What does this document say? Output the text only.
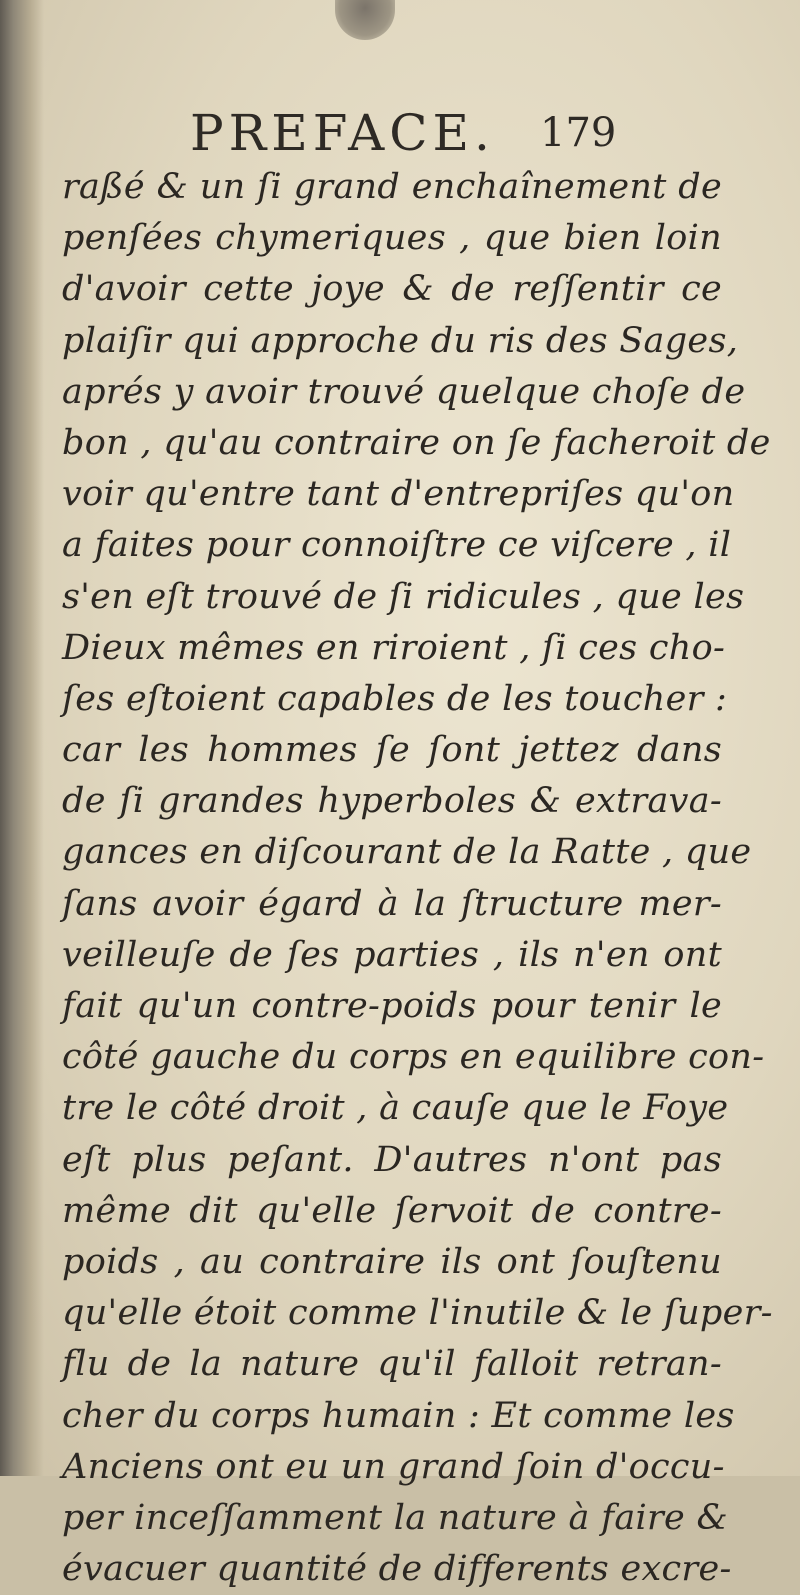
PREFACE. 179
raßé & un ſi grand enchaînement de
penſées chymeriques , que bien loin
d'avoir cette joye & de reſſentir ce
plaiſir qui approche du ris des Sages,
aprés y avoir trouvé quelque choſe de
bon , qu'au contraire on ſe facheroit de
voir qu'entre tant d'entrepriſes qu'on
a faites pour connoiſtre ce viſcere , il
s'en eſt trouvé de ſi ridicules , que les
Dieux mêmes en riroient , ſi ces cho-
ſes eſtoient capables de les toucher :
car les hommes ſe ſont jettez dans
de ſi grandes hyperboles & extrava-
gances en diſcourant de la Ratte , que
ſans avoir égard à la ſtructure mer-
veilleuſe de ſes parties , ils n'en ont
fait qu'un contre-poids pour tenir le
côté gauche du corps en equilibre con-
tre le côté droit , à cauſe que le Foye
eſt plus peſant. D'autres n'ont pas
même dit qu'elle ſervoit de contre-
poids , au contraire ils ont ſouſtenu
qu'elle étoit comme l'inutile & le ſuper-
flu de la nature qu'il falloit retran-
cher du corps humain : Et comme les
Anciens ont eu un grand ſoin d'occu-
per inceſſamment la nature à faire &
évacuer quantité de differents excre-
